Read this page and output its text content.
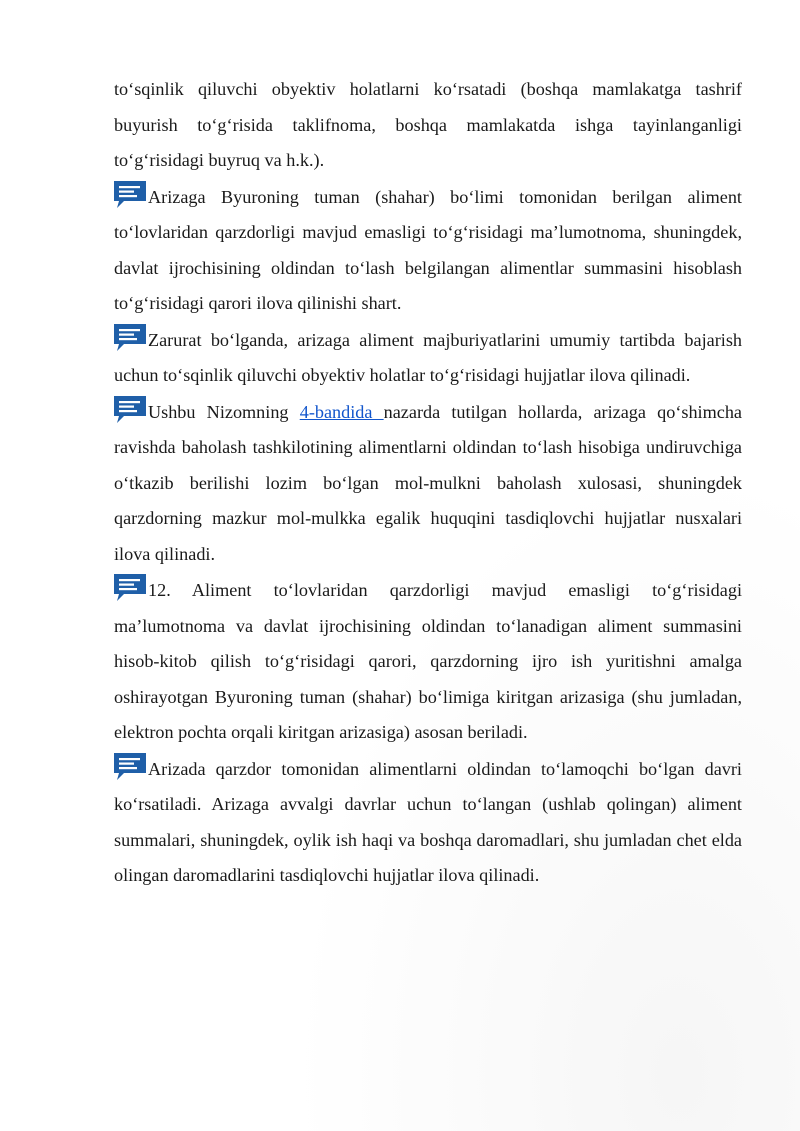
to‘sqinlik qiluvchi obyektiv holatlarni ko‘rsatadi (boshqa mamlakatga tashrif buyurish to‘g‘risida taklifnoma, boshqa mamlakatda ishga tayinlanganligi to‘g‘risidagi buyruq va h.k.).

Arizaga Byuroning tuman (shahar) bo‘limi tomonidan berilgan aliment to‘lovlaridan qarzdorligi mavjud emasligi to‘g‘risidagi ma’lumotnoma, shuningdek, davlat ijrochisining oldindan to‘lash belgilangan alimentlar summasini hisoblash to‘g‘risidagi qarori ilova qilinishi shart.

Zarurat bo‘lganda, arizaga aliment majburiyatlarini umumiy tartibda bajarish uchun to‘sqinlik qiluvchi obyektiv holatlar to‘g‘risidagi hujjatlar ilova qilinadi.

Ushbu Nizomning 4-bandida nazarda tutilgan hollarda, arizaga qo‘shimcha ravishda baholash tashkilotining alimentlarni oldindan to‘lash hisobiga undiruvchiga o‘tkazib berilishi lozim bo‘lgan mol-mulkni baholash xulosasi, shuningdek qarzdorning mazkur mol-mulkka egalik huquqini tasdiqlovchi hujjatlar nusxalari ilova qilinadi.

12. Aliment to‘lovlaridan qarzdorligi mavjud emasligi to‘g‘risidagi ma’lumotnoma va davlat ijrochisining oldindan to‘lanadigan aliment summasini hisob-kitob qilish to‘g‘risidagi qarori, qarzdorning ijro ish yuritishni amalga oshirayotgan Byuroning tuman (shahar) bo‘limiga kiritgan arizasiga (shu jumladan, elektron pochta orqali kiritgan arizasiga) asosan beriladi.

Arizada qarzdor tomonidan alimentlarni oldindan to‘lamoqchi bo‘lgan davri ko‘rsatiladi. Arizaga avvalgi davrlar uchun to‘langan (ushlab qolingan) aliment summalari, shuningdek, oylik ish haqi va boshqa daromadlari, shu jumladan chet elda olingan daromadlarini tasdiqlovchi hujjatlar ilova qilinadi.
